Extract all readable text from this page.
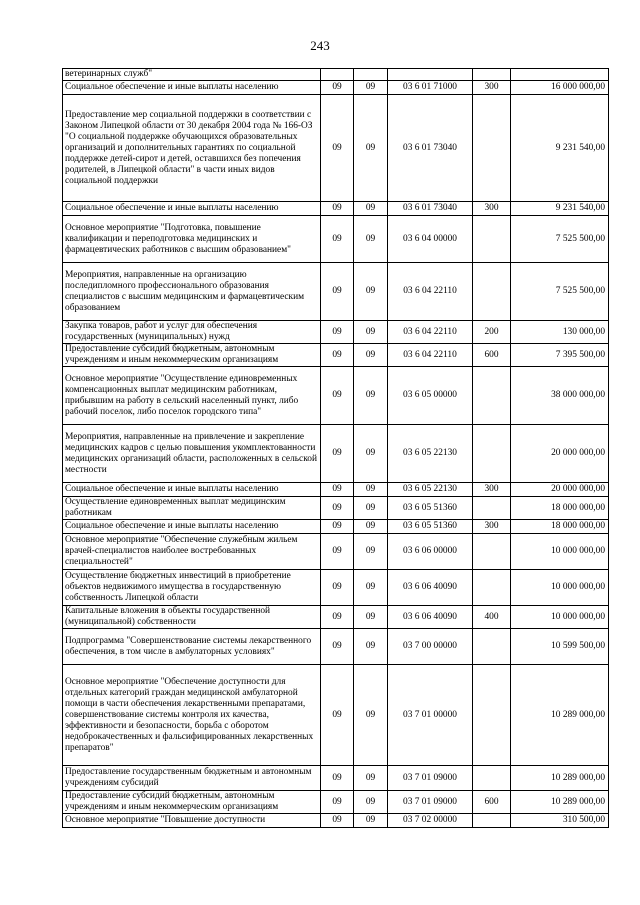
243
ветеринарных служб"					
Социальное обеспечение и иные выплаты населению	09	09	03 6 01 71000	300	16 000 000,00
Предоставление мер социальной поддержки в соответствии с Законом Липецкой области от 30 декабря 2004 года № 166-ОЗ "О социальной поддержке обучающихся образовательных организаций и дополнительных гарантиях по социальной поддержке детей-сирот и детей, оставшихся без попечения родителей, в Липецкой области" в части иных видов социальной поддержки	09	09	03 6 01 73040		9 231 540,00
Социальное обеспечение и иные выплаты населению	09	09	03 6 01 73040	300	9 231 540,00
Основное мероприятие "Подготовка, повышение квалификации и переподготовка медицинских и фармацевтических работников с высшим образованием"	09	09	03 6 04 00000		7 525 500,00
Мероприятия, направленные на организацию последипломного профессионального образования специалистов с высшим медицинским и фармацевтическим образованием	09	09	03 6 04 22110		7 525 500,00
Закупка товаров, работ и услуг для обеспечения государственных (муниципальных) нужд	09	09	03 6 04 22110	200	130 000,00
Предоставление субсидий бюджетным, автономным учреждениям и иным некоммерческим организациям	09	09	03 6 04 22110	600	7 395 500,00
Основное мероприятие "Осуществление единовременных компенсационных выплат медицинским работникам, прибывшим на работу в сельский населенный пункт, либо рабочий поселок, либо поселок городского типа"	09	09	03 6 05 00000		38 000 000,00
Мероприятия, направленные на привлечение и закрепление медицинских кадров с целью повышения укомплектованности медицинских организаций области, расположенных в сельской местности	09	09	03 6 05 22130		20 000 000,00
Социальное обеспечение и иные выплаты населению	09	09	03 6 05 22130	300	20 000 000,00
Осуществление единовременных выплат медицинским работникам	09	09	03 6 05 51360		18 000 000,00
Социальное обеспечение и иные выплаты населению	09	09	03 6 05 51360	300	18 000 000,00
Основное мероприятие "Обеспечение служебным жильем врачей-специалистов наиболее востребованных специальностей"	09	09	03 6 06 00000		10 000 000,00
Осуществление бюджетных инвестиций в приобретение объектов недвижимого имущества в государственную собственность Липецкой области	09	09	03 6 06 40090		10 000 000,00
Капитальные вложения в объекты государственной (муниципальной) собственности	09	09	03 6 06 40090	400	10 000 000,00
Подпрограмма "Совершенствование системы лекарственного обеспечения, в том числе в амбулаторных условиях"	09	09	03 7 00 00000		10 599 500,00
Основное мероприятие "Обеспечение доступности для отдельных категорий граждан медицинской амбулаторной помощи в части обеспечения лекарственными препаратами, совершенствование системы контроля их качества, эффективности и безопасности, борьба с оборотом недоброкачественных и фальсифицированных лекарственных препаратов"	09	09	03 7 01 00000		10 289 000,00
Предоставление государственным бюджетным и автономным учреждениям субсидий	09	09	03 7 01 09000		10 289 000,00
Предоставление субсидий бюджетным, автономным учреждениям и иным некоммерческим организациям	09	09	03 7 01 09000	600	10 289 000,00
Основное мероприятие "Повышение доступности	09	09	03 7 02 00000		310 500,00
